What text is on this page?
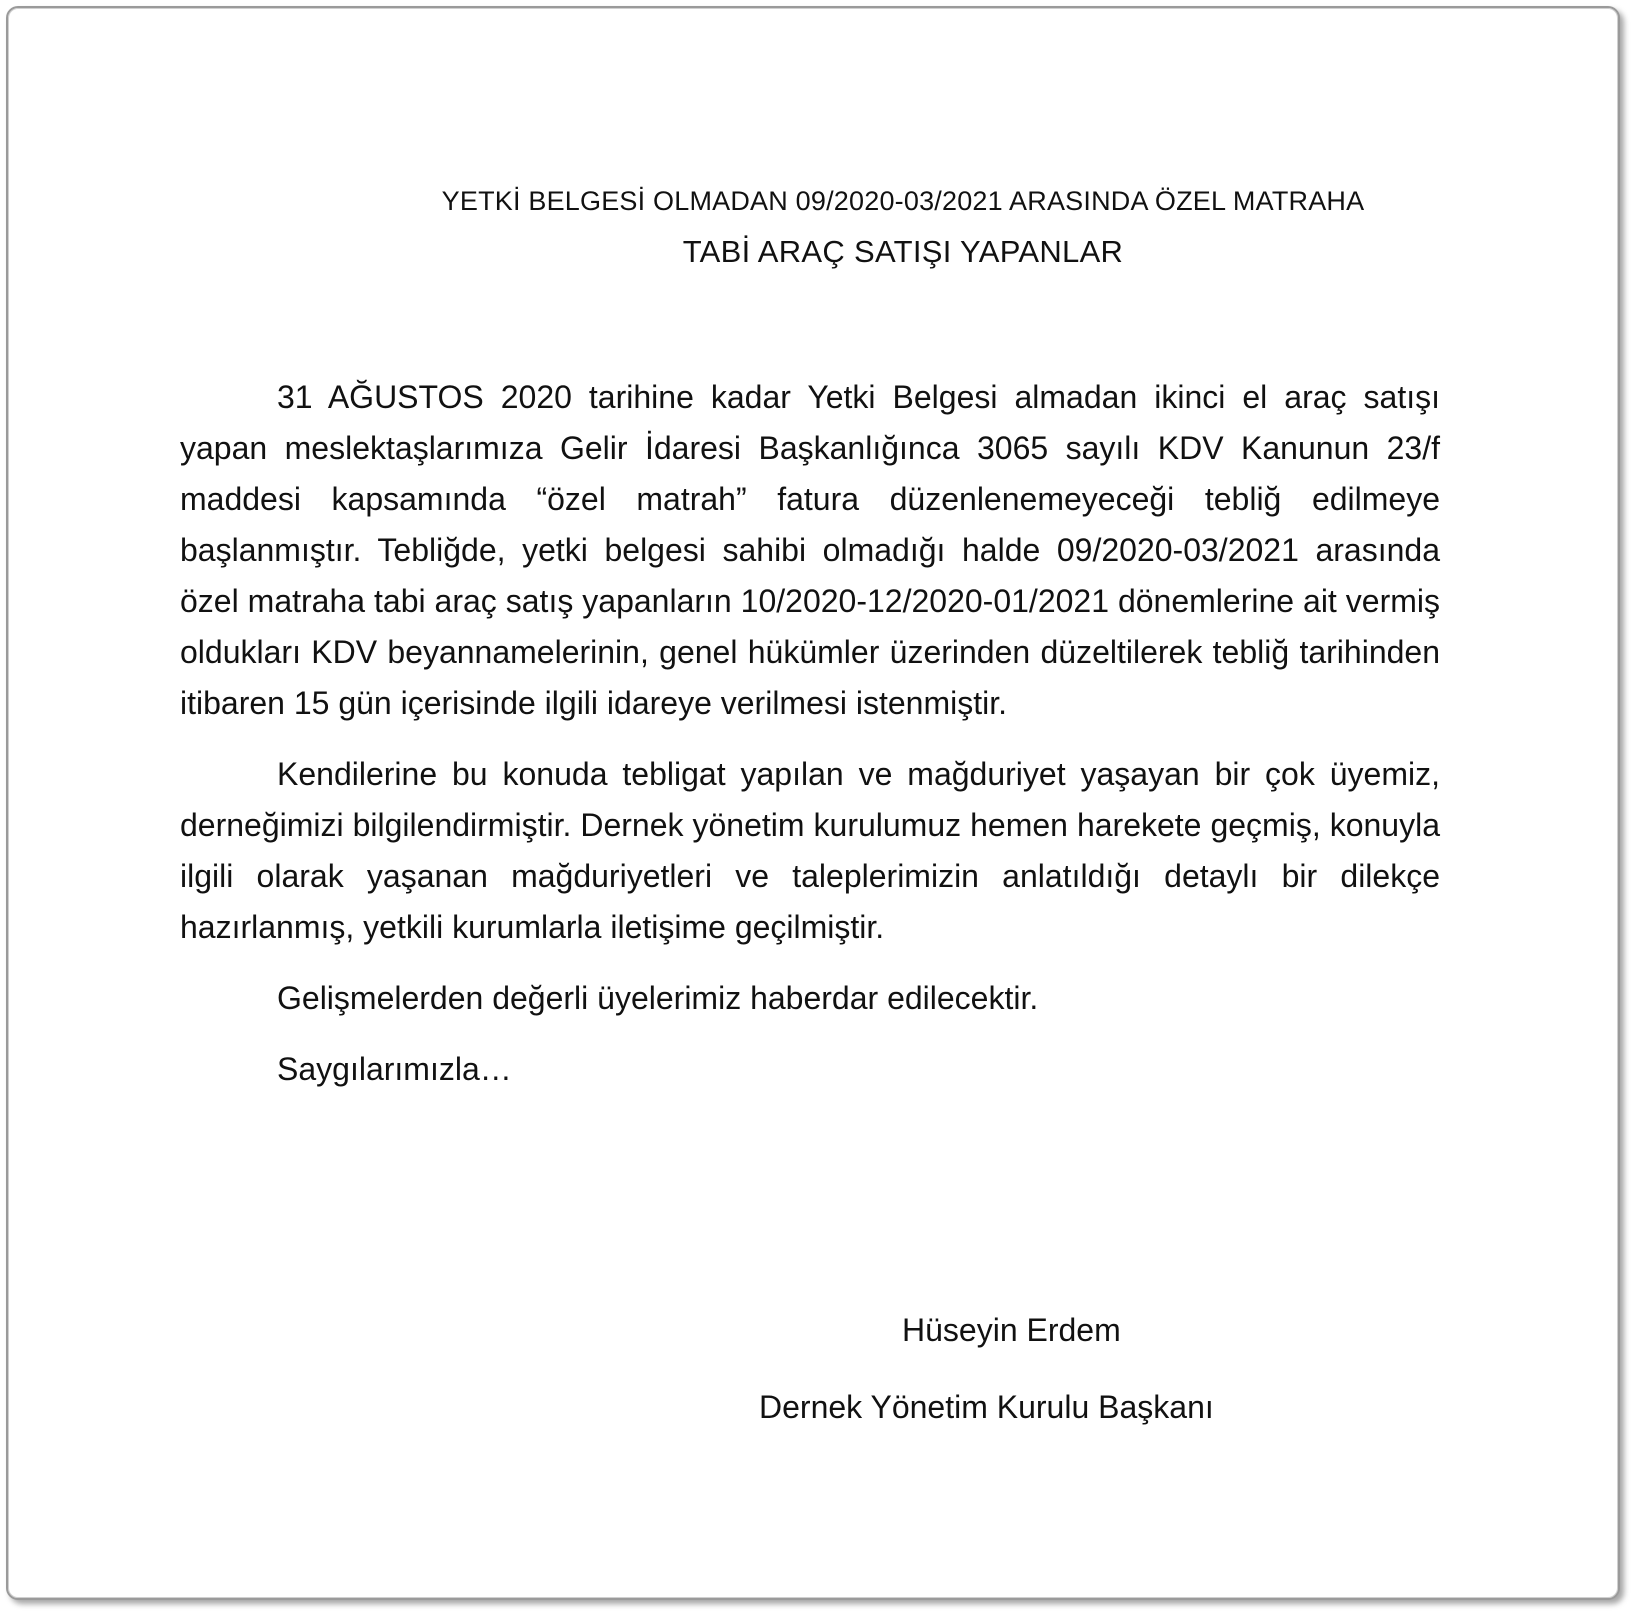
YETKİ BELGESİ OLMADAN 09/2020-03/2021 ARASINDA ÖZEL MATRAHA
TABİ ARAÇ SATIŞI YAPANLAR

31 AĞUSTOS 2020 tarihine kadar Yetki Belgesi almadan ikinci el araç satışı yapan meslektaşlarımıza Gelir İdaresi Başkanlığınca 3065 sayılı KDV Kanunun 23/f maddesi kapsamında “özel matrah” fatura düzenlenemeyeceği tebliğ edilmeye başlanmıştır. Tebliğde, yetki belgesi sahibi olmadığı halde 09/2020-03/2021 arasında özel matraha tabi araç satış yapanların 10/2020-12/2020-01/2021 dönemlerine ait vermiş oldukları KDV beyannamelerinin, genel hükümler üzerinden düzeltilerek tebliğ tarihinden itibaren 15 gün içerisinde ilgili idareye verilmesi istenmiştir.

Kendilerine bu konuda tebligat yapılan ve mağduriyet yaşayan bir çok üyemiz, derneğimizi bilgilendirmiştir. Dernek yönetim kurulumuz hemen harekete geçmiş, konuyla ilgili olarak yaşanan mağduriyetleri ve taleplerimizin anlatıldığı detaylı bir dilekçe hazırlanmış, yetkili kurumlarla iletişime geçilmiştir.

Gelişmelerden değerli üyelerimiz haberdar edilecektir.

Saygılarımızla…

Hüseyin Erdem
Dernek Yönetim Kurulu Başkanı
